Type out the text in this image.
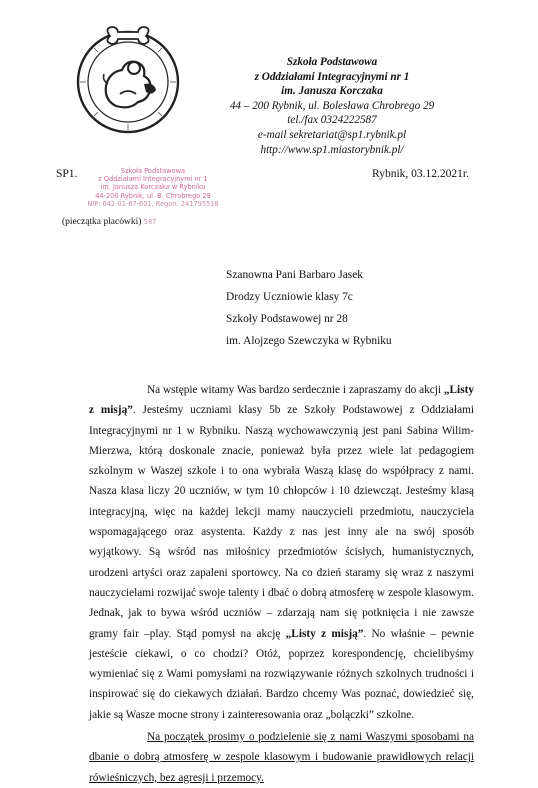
Szkoła Podstawowa
z Oddziałami Integracyjnymi nr 1
im. Janusza Korczaka
44 – 200 Rybnik, ul. Bolesława Chrobrego 29
tel./fax 0324222587
e-mail sekretariat@sp1.rybnik.pl
http://www.sp1.miastorybnik.pl/
SP1.	Rybnik, 03.12.2021r.
Szkoła Podstawowa
z Oddziałami Integracyjnymi nr 1
im. Janusza Korczaka w Rybniku
44-200 Rybnik, ul. B. Chrobrego 29
NIP: 642-01-67-601, Regon: 241795518
(pieczątka placówki) 587
Szanowna Pani Barbaro Jasek
Drodzy Uczniowie klasy 7c
Szkoły Podstawowej nr 28
im. Alojzego Szewczyka w Rybniku

Na wstępie witamy Was bardzo serdecznie i zapraszamy do akcji „Listy z misją”. Jesteśmy uczniami klasy 5b ze Szkoły Podstawowej z Oddziałami Integracyjnymi nr 1 w Rybniku. Naszą wychowawczynią jest pani Sabina Wilim-Mierzwa, którą doskonale znacie, ponieważ była przez wiele lat pedagogiem szkolnym w Waszej szkole i to ona wybrała Waszą klasę do współpracy z nami. Nasza klasa liczy 20 uczniów, w tym 10 chłopców i 10 dziewcząt. Jesteśmy klasą integracyjną, więc na każdej lekcji mamy nauczycieli przedmiotu, nauczyciela wspomagającego oraz asystenta. Każdy z nas jest inny ale na swój sposób wyjątkowy. Są wśród nas miłośnicy przedmiotów ścisłych, humanistycznych, urodzeni artyści oraz zapaleni sportowcy. Na co dzień staramy się wraz z naszymi nauczycielami rozwijać swoje talenty i dbać o dobrą atmosferę w zespole klasowym. Jednak, jak to bywa wśród uczniów – zdarzają nam się potknięcia i nie zawsze gramy fair –play. Stąd pomysł na akcję „Listy z misją”. No właśnie – pewnie jesteście ciekawi, o co chodzi? Otóż, poprzez korespondencję, chcielibyśmy wymieniać się z Wami pomysłami na rozwiązywanie różnych szkolnych trudności i inspirować się do ciekawych działań. Bardzo chcemy Was poznać, dowiedzieć się, jakie są Wasze mocne strony i zainteresowania oraz „bolączki” szkolne.

Na początek prosimy o podzielenie się z nami Waszymi sposobami na dbanie o dobrą atmosferę w zespole klasowym i budowanie prawidłowych relacji rówieśniczych, bez agresji i przemocy.
